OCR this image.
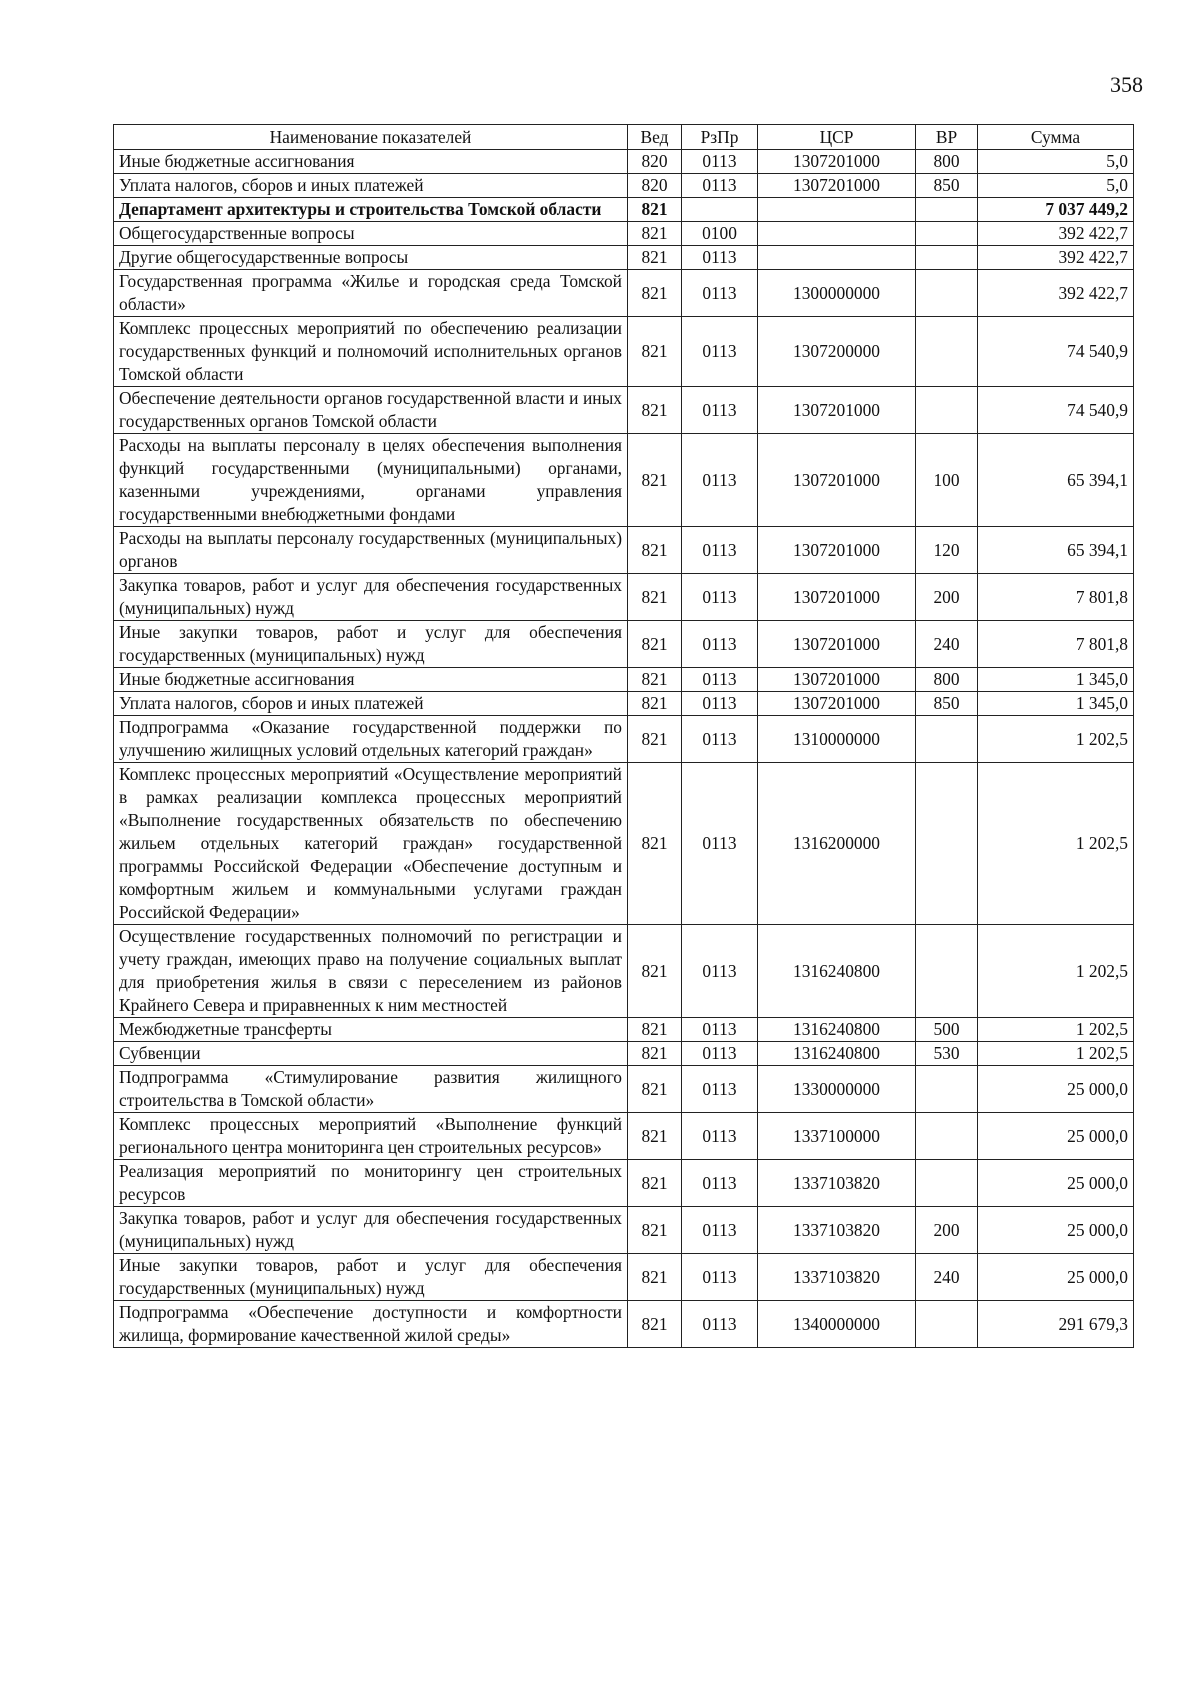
358
Наименование показателей	Вед	РзПр	ЦСР	ВР	Сумма
Иные бюджетные ассигнования	820	0113	1307201000	800	5,0
Уплата налогов, сборов и иных платежей	820	0113	1307201000	850	5,0
Департамент архитектуры и строительства Томской области	821				7 037 449,2
Общегосударственные вопросы	821	0100			392 422,7
Другие общегосударственные вопросы	821	0113			392 422,7
Государственная программа «Жилье и городская среда Томской области»	821	0113	1300000000		392 422,7
Комплекс процессных мероприятий по обеспечению реализации государственных функций и полномочий исполнительных органов Томской области	821	0113	1307200000		74 540,9
Обеспечение деятельности органов государственной власти и иных государственных органов Томской области	821	0113	1307201000		74 540,9
Расходы на выплаты персоналу в целях обеспечения выполнения функций государственными (муниципальными) органами, казенными учреждениями, органами управления государственными внебюджетными фондами	821	0113	1307201000	100	65 394,1
Расходы на выплаты персоналу государственных (муниципальных) органов	821	0113	1307201000	120	65 394,1
Закупка товаров, работ и услуг для обеспечения государственных (муниципальных) нужд	821	0113	1307201000	200	7 801,8
Иные закупки товаров, работ и услуг для обеспечения государственных (муниципальных) нужд	821	0113	1307201000	240	7 801,8
Иные бюджетные ассигнования	821	0113	1307201000	800	1 345,0
Уплата налогов, сборов и иных платежей	821	0113	1307201000	850	1 345,0
Подпрограмма «Оказание государственной поддержки по улучшению жилищных условий отдельных категорий граждан»	821	0113	1310000000		1 202,5
Комплекс процессных мероприятий «Осуществление мероприятий в рамках реализации комплекса процессных мероприятий «Выполнение государственных обязательств по обеспечению жильем отдельных категорий граждан» государственной программы Российской Федерации «Обеспечение доступным и комфортным жильем и коммунальными услугами граждан Российской Федерации»	821	0113	1316200000		1 202,5
Осуществление государственных полномочий по регистрации и учету граждан, имеющих право на получение социальных выплат для приобретения жилья в связи с переселением из районов Крайнего Севера и приравненных к ним местностей	821	0113	1316240800		1 202,5
Межбюджетные трансферты	821	0113	1316240800	500	1 202,5
Субвенции	821	0113	1316240800	530	1 202,5
Подпрограмма «Стимулирование развития жилищного строительства в Томской области»	821	0113	1330000000		25 000,0
Комплекс процессных мероприятий «Выполнение функций регионального центра мониторинга цен строительных ресурсов»	821	0113	1337100000		25 000,0
Реализация мероприятий по мониторингу цен строительных ресурсов	821	0113	1337103820		25 000,0
Закупка товаров, работ и услуг для обеспечения государственных (муниципальных) нужд	821	0113	1337103820	200	25 000,0
Иные закупки товаров, работ и услуг для обеспечения государственных (муниципальных) нужд	821	0113	1337103820	240	25 000,0
Подпрограмма «Обеспечение доступности и комфортности жилища, формирование качественной жилой среды»	821	0113	1340000000		291 679,3
